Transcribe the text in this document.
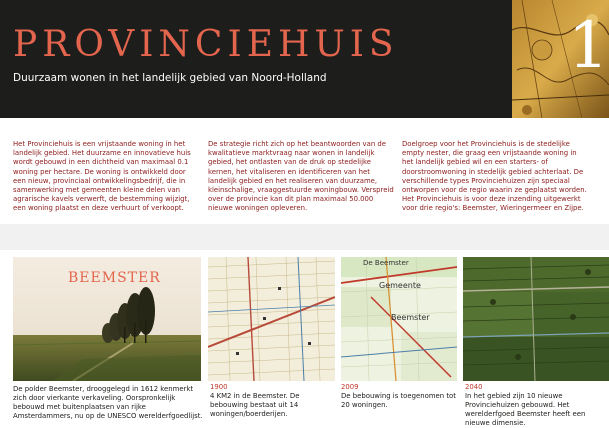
PROVINCIEHUIS

Duurzaam wonen in het landelijk gebied van Noord-Holland	1

Het Provinciehuis is een vrijstaande woning in het landelijk gebied. Het duurzame en innovatieve huis wordt gebouwd in een dichtheid van maximaal 0.1 woning per hectare. De woning is ontwikkeld door een nieuw, provinciaal ontwikkelingsbedrijf, die in samenwerking met gemeenten kleine delen van agrarische kavels verwerft, de bestemming wijzigt, een woning plaatst en deze verhuurt of verkoopt.

De strategie richt zich op het beantwoorden van de kwalitatieve marktvraag naar wonen in landelijk gebied, het ontlasten van de druk op stedelijke kernen, het vitaliseren en identificeren van het landelijk gebied en het realiseren van duurzame, kleinschalige, vraaggestuurde woningbouw. Verspreid over de provincie kan dit plan maximaal 50.000 nieuwe woningen opleveren.

Doelgroep voor het Provinciehuis is de stedelijke empty nester, die graag een vrijstaande woning in het landelijk gebied wil en een starters- of doorstroomwoning in stedelijk gebied achterlaat. De verschillende types Provinciehuizen zijn speciaal ontworpen voor de regio waarin ze geplaatst worden. Het Provinciehuis is voor deze inzending uitgewerkt voor drie regio's: Beemster, Wieringermeer en Zijpe.

BEEMSTER
De Beemster
Gemeente
Beemster

De polder Beemster, drooggelegd in 1612 kenmerkt zich door vierkante verkaveling. Oorspronkelijk bebouwd met buitenplaatsen van rijke Amsterdammers, nu op de UNESCO werelderfgoedlijst.

1900
4 KM2 in de Beemster. De bebouwing bestaat uit 14 woningen/boerderijen.

2009
De bebouwing is toegenomen tot 20 woningen.

2040
In het gebied zijn 10 nieuwe Provinciehuizen gebouwd. Het werelderfgoed Beemster heeft een nieuwe dimensie.
